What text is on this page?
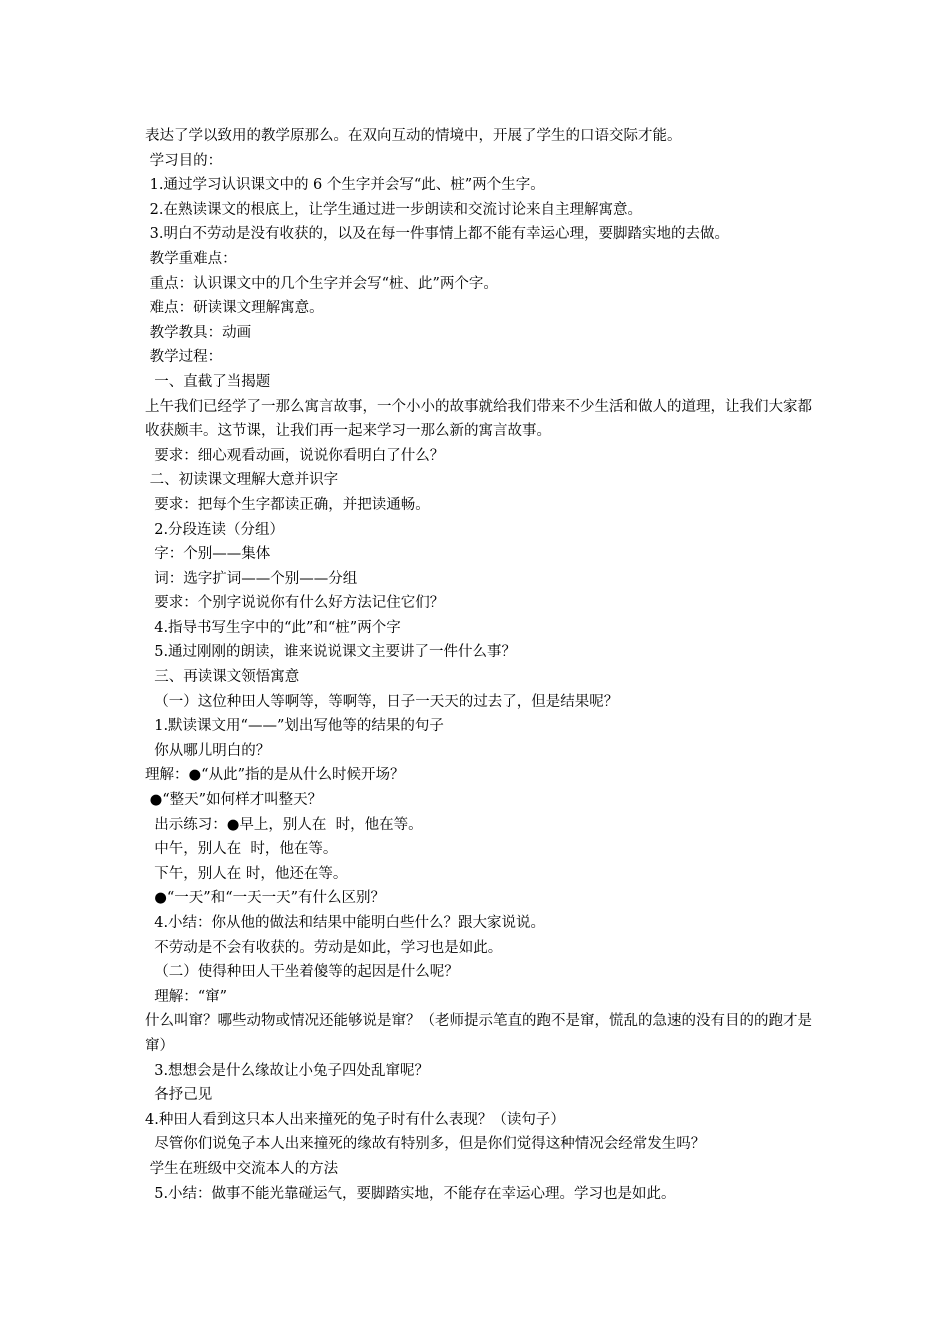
表达了学以致用的教学原那么。在双向互动的情境中，开展了学生的口语交际才能。
学习目的：
1.通过学习认识课文中的 6 个生字并会写“此、桩”两个生字。
2.在熟读课文的根底上，让学生通过进一步朗读和交流讨论来自主理解寓意。
3.明白不劳动是没有收获的，以及在每一件事情上都不能有幸运心理，要脚踏实地的去做。
教学重难点：
重点：认识课文中的几个生字并会写“桩、此”两个字。
难点：研读课文理解寓意。
教学教具：动画
教学过程：
一、直截了当揭题
上午我们已经学了一那么寓言故事，一个小小的故事就给我们带来不少生活和做人的道理，让我们大家都收获颇丰。这节课，让我们再一起来学习一那么新的寓言故事。
要求：细心观看动画，说说你看明白了什么？
二、初读课文理解大意并识字
要求：把每个生字都读正确，并把读通畅。
2.分段连读（分组）
字：个别——集体
词：选字扩词——个别——分组
要求：个别字说说你有什么好方法记住它们？
4.指导书写生字中的“此”和“桩”两个字
5.通过刚刚的朗读，谁来说说课文主要讲了一件什么事？
三、再读课文领悟寓意
（一）这位种田人等啊等，等啊等，日子一天天的过去了，但是结果呢？
1.默读课文用“——”划出写他等的结果的句子
你从哪儿明白的？
理解：●“从此”指的是从什么时候开场？
●“整天”如何样才叫整天？
出示练习：●早上，别人在  时，他在等。
中午，别人在  时，他在等。
下午，别人在 时，他还在等。
●“一天”和“一天一天”有什么区别？
4.小结：你从他的做法和结果中能明白些什么？跟大家说说。
不劳动是不会有收获的。劳动是如此，学习也是如此。
（二）使得种田人干坐着傻等的起因是什么呢？
理解：“窜”
什么叫窜？哪些动物或情况还能够说是窜？（老师提示笔直的跑不是窜，慌乱的急速的没有目的的跑才是窜）
3.想想会是什么缘故让小兔子四处乱窜呢？
各抒己见
4.种田人看到这只本人出来撞死的兔子时有什么表现？（读句子）
尽管你们说兔子本人出来撞死的缘故有特别多，但是你们觉得这种情况会经常发生吗？
学生在班级中交流本人的方法
5.小结：做事不能光靠碰运气，要脚踏实地，不能存在幸运心理。学习也是如此。
